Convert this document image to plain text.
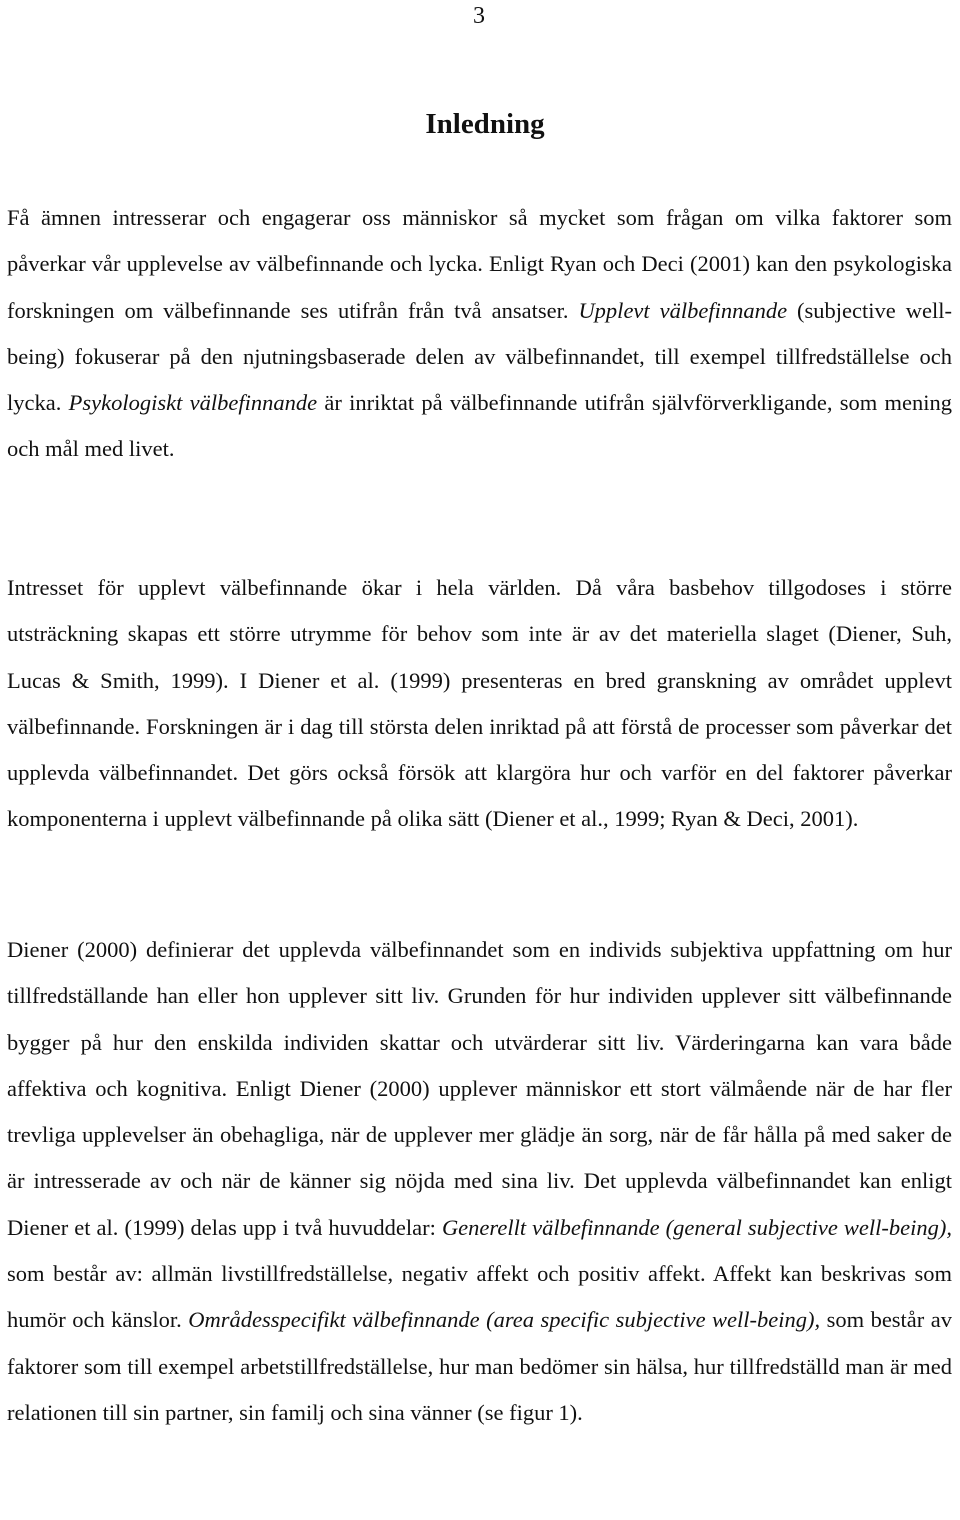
3
Inledning

Få ämnen intresserar och engagerar oss människor så mycket som frågan om vilka faktorer som påverkar vår upplevelse av välbefinnande och lycka. Enligt Ryan och Deci (2001) kan den psykologiska forskningen om välbefinnande ses utifrån från två ansatser. Upplevt välbefinnande (subjective well-being) fokuserar på den njutningsbaserade delen av välbefinnandet, till exempel tillfredställelse och lycka. Psykologiskt välbefinnande är inriktat på välbefinnande utifrån självförverkligande, som mening och mål med livet.

Intresset för upplevt välbefinnande ökar i hela världen. Då våra basbehov tillgodoses i större utsträckning skapas ett större utrymme för behov som inte är av det materiella slaget (Diener, Suh, Lucas & Smith, 1999). I Diener et al. (1999) presenteras en bred granskning av området upplevt välbefinnande. Forskningen är i dag till största delen inriktad på att förstå de processer som påverkar det upplevda välbefinnandet. Det görs också försök att klargöra hur och varför en del faktorer påverkar komponenterna i upplevt välbefinnande på olika sätt (Diener et al., 1999; Ryan & Deci, 2001).

Diener (2000) definierar det upplevda välbefinnandet som en individs subjektiva uppfattning om hur tillfredställande han eller hon upplever sitt liv. Grunden för hur individen upplever sitt välbefinnande bygger på hur den enskilda individen skattar och utvärderar sitt liv. Värderingarna kan vara både affektiva och kognitiva. Enligt Diener (2000) upplever människor ett stort välmående när de har fler trevliga upplevelser än obehagliga, när de upplever mer glädje än sorg, när de får hålla på med saker de är intresserade av och när de känner sig nöjda med sina liv. Det upplevda välbefinnandet kan enligt Diener et al. (1999) delas upp i två huvuddelar: Generellt välbefinnande (general subjective well-being), som består av: allmän livstillfredställelse, negativ affekt och positiv affekt. Affekt kan beskrivas som humör och känslor. Områdesspecifikt välbefinnande (area specific subjective well-being), som består av faktorer som till exempel arbetstillfredställelse, hur man bedömer sin hälsa, hur tillfredställd man är med relationen till sin partner, sin familj och sina vänner (se figur 1).
